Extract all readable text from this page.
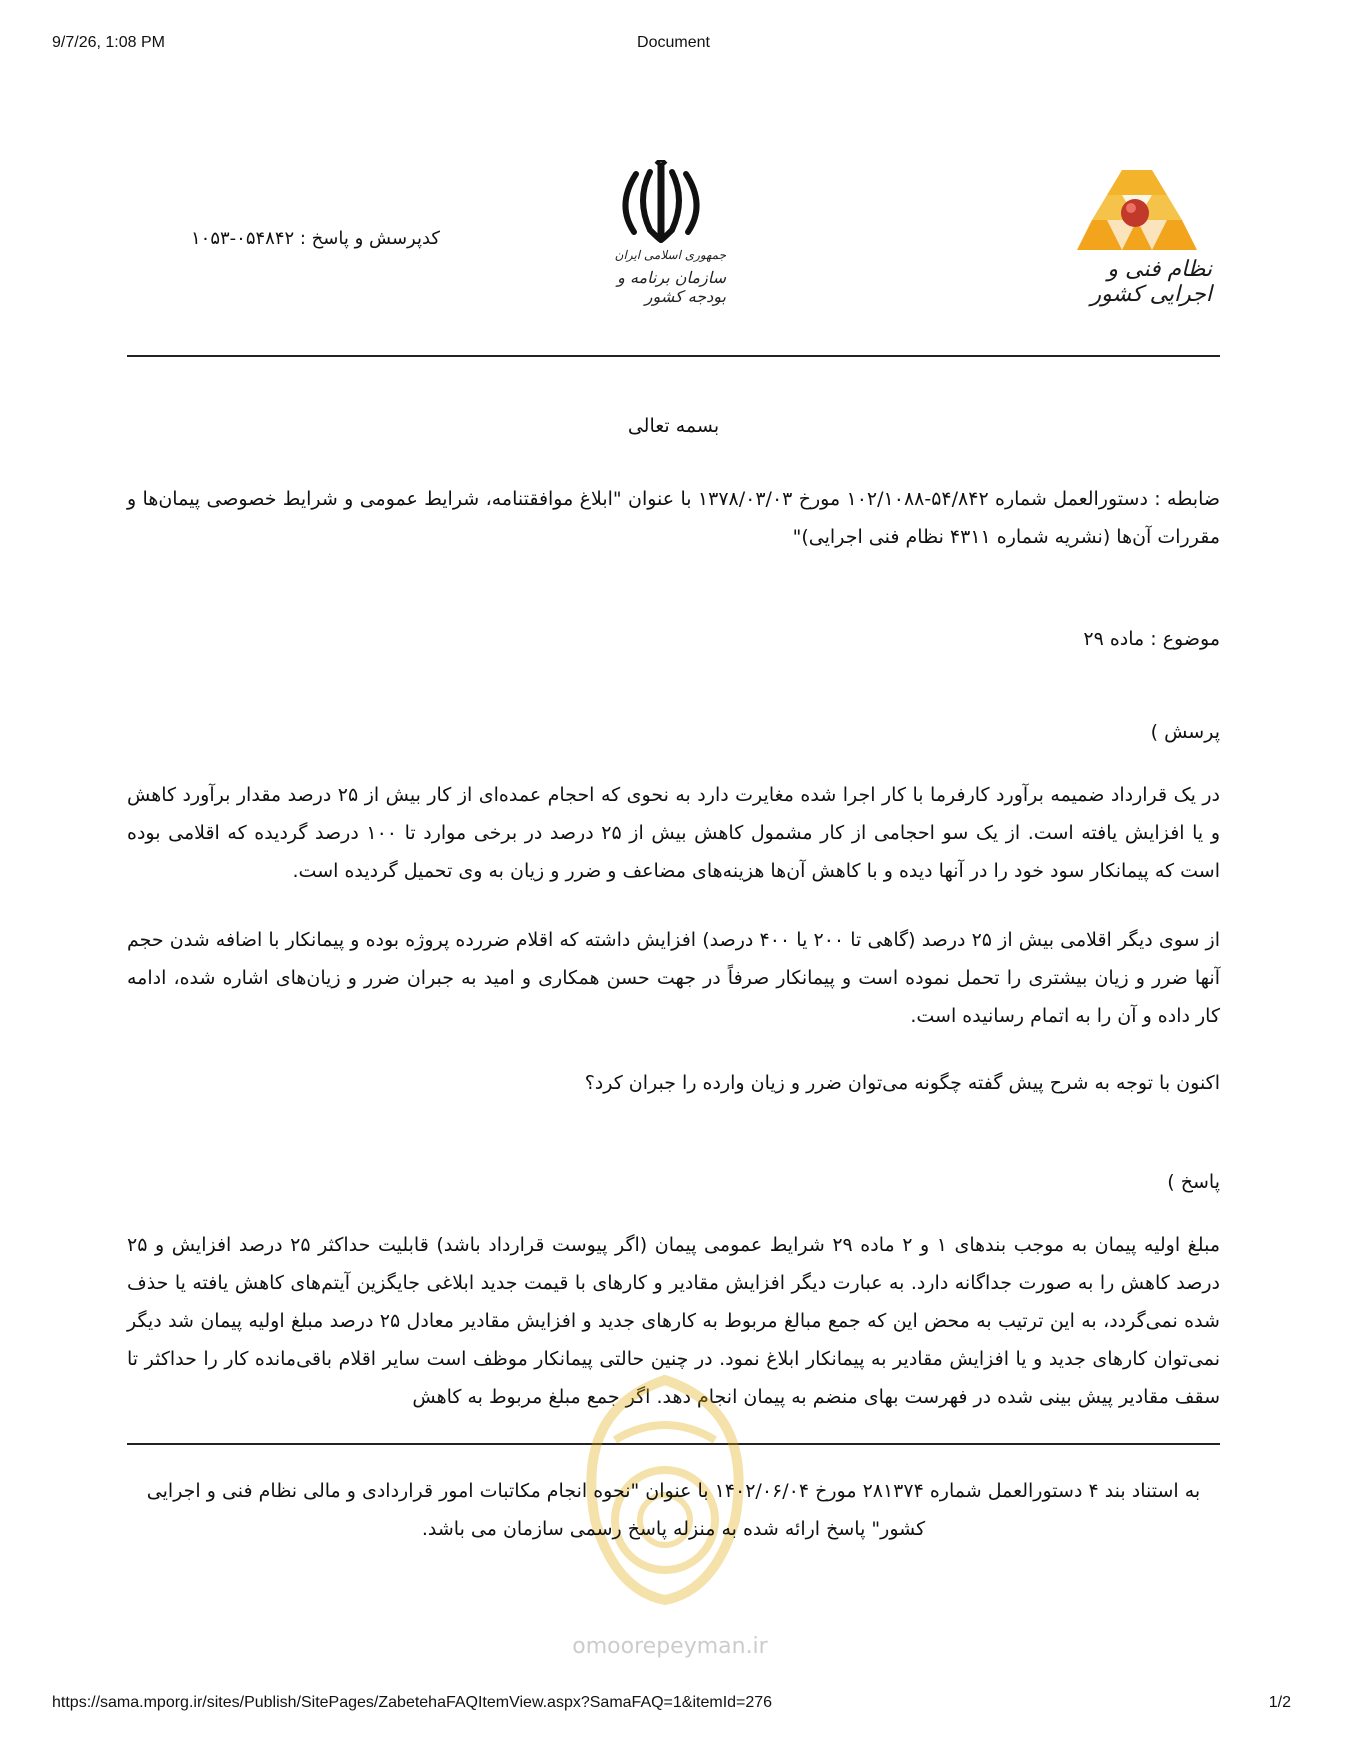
9/7/26, 1:08 PM	Document
نظام فنی و اجرایی کشور
جمهوری اسلامی ایران
سازمان برنامه و بودجه کشور
کدپرسش و پاسخ : ۰۵۴۸۴۲-۱۰۵۳
بسمه تعالی
ضابطه : دستورالعمل شماره ۵۴/۸۴۲-۱۰۲/۱۰۸۸ مورخ ۱۳۷۸/۰۳/۰۳ با عنوان "ابلاغ موافقتنامه، شرایط عمومی و شرایط خصوصی پیمان‌ها و مقررات آن‌ها (نشریه شماره ۴۳۱۱ نظام فنی اجرایی)"
موضوع : ماده ۲۹
پرسش )
در یک قرارداد ضمیمه برآورد کارفرما با کار اجرا شده مغایرت دارد به نحوی که احجام عمده‌ای از کار بیش از ۲۵ درصد مقدار برآورد کاهش و یا افزایش یافته است. از یک سو احجامی از کار مشمول کاهش بیش از ۲۵ درصد در برخی موارد تا ۱۰۰ درصد گردیده که اقلامی بوده است که پیمانکار سود خود را در آنها دیده و با کاهش آن‌ها هزینه‌های مضاعف و ضرر و زیان به وی تحمیل گردیده است.
از سوی دیگر اقلامی بیش از ۲۵ درصد (گاهی تا ۲۰۰ یا ۴۰۰ درصد) افزایش داشته که اقلام ضررده پروژه بوده و پیمانکار با اضافه شدن حجم آنها ضرر و زیان بیشتری را تحمل نموده است و پیمانکار صرفاً در جهت حسن همکاری و امید به جبران ضرر و زیان‌های اشاره شده، ادامه کار داده و آن را به اتمام رسانیده است.
اکنون با توجه به شرح پیش گفته چگونه می‌توان ضرر و زیان وارده را جبران کرد؟
پاسخ )
مبلغ اولیه پیمان به موجب بندهای ۱ و ۲ ماده ۲۹ شرایط عمومی پیمان (اگر پیوست قرارداد باشد) قابلیت حداکثر ۲۵ درصد افزایش و ۲۵ درصد کاهش را به صورت جداگانه دارد. به عبارت دیگر افزایش مقادیر و کارهای با قیمت جدید ابلاغی جایگزین آیتم‌های کاهش یافته یا حذف شده نمی‌گردد، به این ترتیب به محض این که جمع مبالغ مربوط به کارهای جدید و افزایش مقادیر معادل ۲۵ درصد مبلغ اولیه پیمان شد دیگر نمی‌توان کارهای جدید و یا افزایش مقادیر به پیمانکار ابلاغ نمود. در چنین حالتی پیمانکار موظف است سایر اقلام باقی‌مانده کار را حداکثر تا سقف مقادیر پیش بینی شده در فهرست بهای منضم به پیمان انجام دهد. اگر جمع مبلغ مربوط به کاهش
به استناد بند ۴ دستورالعمل شماره ۲۸۱۳۷۴ مورخ ۱۴۰۲/۰۶/۰۴ با عنوان "نحوه انجام مکاتبات امور قراردادی و مالی نظام فنی و اجرایی کشور" پاسخ ارائه شده به منزله پاسخ رسمی سازمان می باشد.
omoorepeyman.ir
https://sama.mporg.ir/sites/Publish/SitePages/ZabetehaFAQItemView.aspx?SamaFAQ=1&itemId=276	1/2
